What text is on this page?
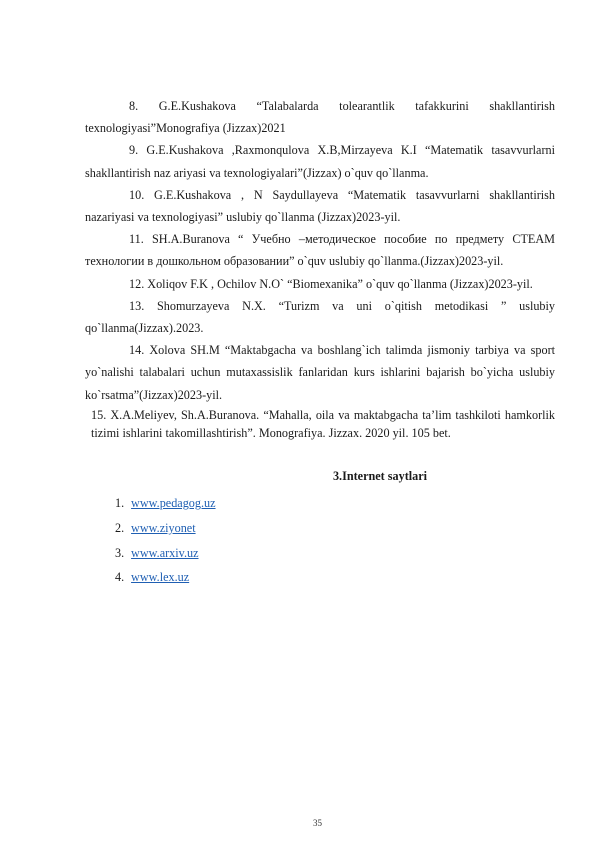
8. G.E.Kushakova “Talabalarda tolearantlik tafakkurini shakllantirish texnologiyasi”Monografiya (Jizzax)2021

9. G.E.Kushakova ,Raxmonqulova X.B,Mirzayeva K.I “Matematik tasavvurlarni shakllantirish naz ariyasi va texnologiyalari”(Jizzax) o`quv qo`llanma.

10. G.E.Kushakova , N Saydullayeva “Matematik tasavvurlarni shakllantirish nazariyasi va texnologiyasi” uslubiy qo`llanma (Jizzax)2023-yil.

11. SH.A.Buranova “ Учебно –методическое пособие по предмету СТЕАМ технологии в дошкольном образовании” o`quv uslubiy qo`llanma.(Jizzax)2023-yil.

12. Xoliqov F.K , Ochilov N.O` “Biomexanika” o`quv qo`llanma (Jizzax)2023-yil.

13. Shomurzayeva N.X. “Turizm va uni o`qitish metodikasi ” uslubiy qo`llanma(Jizzax).2023.

14. Xolova SH.M “Maktabgacha va boshlang`ich talimda jismoniy tarbiya va sport yo`nalishi talabalari uchun mutaxassislik fanlaridan kurs ishlarini bajarish bo`yicha uslubiy ko`rsatma”(Jizzax)2023-yil.

15. X.A.Meliyev, Sh.A.Buranova. “Mahalla, oila va maktabgacha ta’lim tashkiloti hamkorlik tizimi ishlarini takomillashtirish”. Monografiya. Jizzax. 2020 yil. 105 bet.

3.Internet saytlari
1. www.pedagog.uz
2. www.ziyonet
3. www.arxiv.uz
4. www.lex.uz
35
